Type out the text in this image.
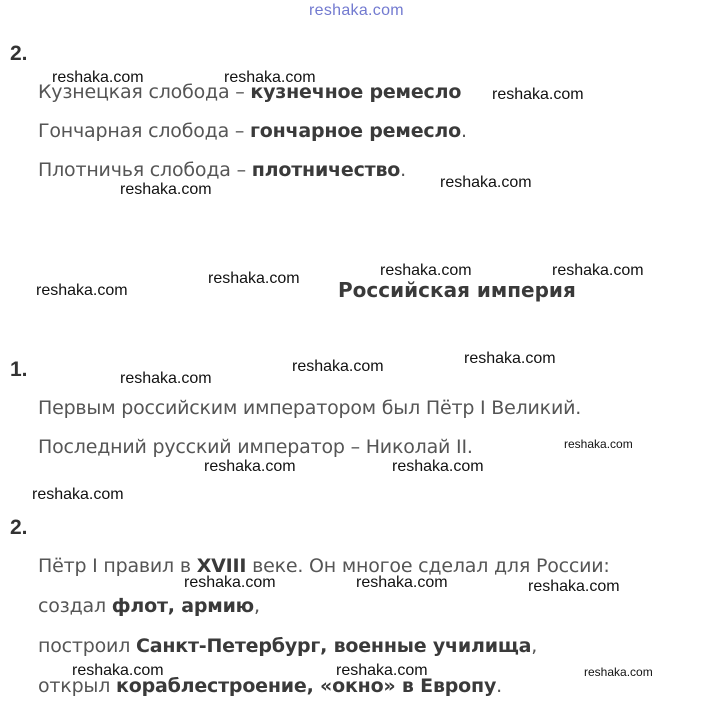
reshaka.com
2.
Кузнецкая слобода – кузнечное ремесло
Гончарная слобода – гончарное ремесло.
Плотничья слобода – плотничество.
Российская империя
1.
Первым российским императором был Пётр I Великий.
Последний русский император – Николай II.
2.
Пётр I правил в XVIII веке. Он многое сделал для России:
создал флот, армию,
построил Санкт-Петербург, военные училища,
открыл кораблестроение, «окно» в Европу.
reshaka.com	reshaka.com
reshaka.com
reshaka.com	reshaka.com
reshaka.com	reshaka.com
reshaka.com
reshaka.com
reshaka.com
reshaka.com
reshaka.com
reshaka.com
reshaka.com	reshaka.com
reshaka.com
reshaka.com	reshaka.com	reshaka.com
reshaka.com	reshaka.com	reshaka.com
